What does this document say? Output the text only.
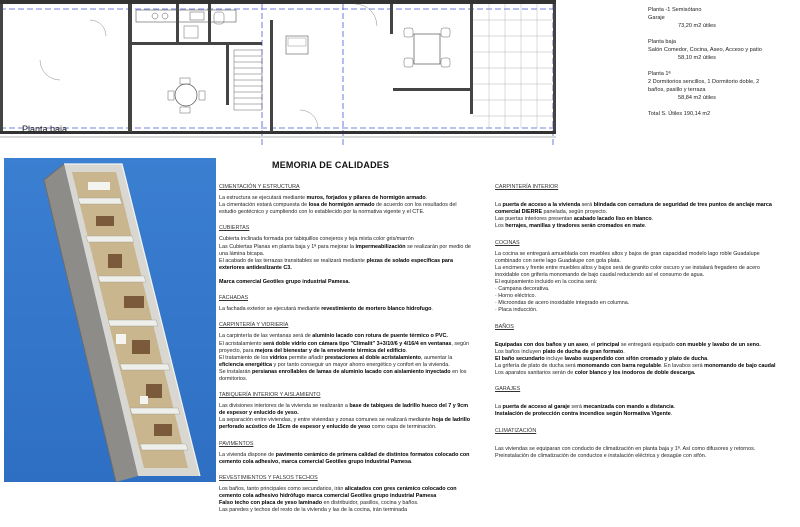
Planta baja
Planta -1 Semisótano
Garaje
73,20 m2 útiles
Planta baja
Salón Comedor, Cocina, Aseo, Acceso y patio
58,10 m2 útiles
Planta 1ª
2 Dormitorios sencillos, 1 Dormitorio doble, 2
baños, pasillo y terraza
58,84 m2 útiles
Total S. Útiles 190,14 m2
MEMORIA DE CALIDADES
CIMENTACIÓN Y ESTRUCTURA

La estructura se ejecutará mediante muros, forjados y pilares de hormigón armado.

La cimentación estará compuesta de losa de hormigón armado de acuerdo con los resultados del estudio geotécnico y cumpliendo con lo establecido por la normativa vigente y el CTE.

CUBIERTAS

Cubierta inclinada formada por tabiquillos conejeros y teja mixta color gris/marrón

Las Cubiertas Planas en planta baja y 1ª para mejorar la impermeabilización se realizarán por medio de una lámina bicapa.

El acabado de las terrazas transitables se realizará mediante plezas de solado específicas para exteriores antideslizante C3.

Marca comercial Geotiles grupo industrial Pamesa.

FACHADAS

La fachada exterior se ejecutará mediante revestimiento de mortero blanco hidrofugo.

CARPINTERÍA Y VIDRIERÍA

La carpintería de las ventanas será de aluminio lacado con rotura de puente térmico o PVC.

El acristalamiento será doble vidrio con cámara tipo "Climalit" 3+3/10/6 y 4/16/4 en ventanas, según proyecto, para mejora del bienestar y de la envolvente térmica del edificio.

El tratamiento de los vidrios permite añadir prestaciones al doble acristalamiento, aumentar la eficiencia energética y por tanto conseguir un mayor ahorro energético y confort en la vivienda.

Se instalarán persianas enrollables de lamas de aluminio lacado con aislamiento inyectado en los dormitorios.

TABIQUERÍA INTERIOR Y AISLAMIENTO

Las divisiones interiores de la vivienda se realizarán a base de tabiques de ladrillo hueco del 7 y 9cm de espesor y enlucido de yeso.

La separación entre viviendas, y entre viviendas y zonas comunes se realizará mediante hoja de ladrillo perforado acústico de 15cm de espesor y enlucido de yeso como capa de terminación.

PAVIMENTOS

La vivienda dispone de pavimento cerámico de primera calidad de distintos formatos colocado con cemento cola adhesivo, marca comercial Geotiles grupo industrial Pamesa.

REVESTIMIENTOS Y FALSOS TECHOS

Los baños, tanto principales como secundarios, irán alicatados con gres cerámico colocado con cemento cola adhesivo hidrófugo marca comercial Geotiles grupo industrial Pamesa

Falso techo con placa de yeso laminado en distribuidor, pasillos, cocina y baños.

Las paredes y techos del resto de la vivienda y las de la cocina, irán terminada

CARPINTERÍA INTERIOR

La puerta de acceso a la vivienda será blindada con cerradura de seguridad de tres puntos de anclaje marca comercial DIERRE panelada, según proyecto.

Las puertas interiores presentan acabado lacado liso en blanco.

Los herrajes, manillas y tiradores serán cromados en mate.

COCINAS

La cocina se entregará amueblada con muebles altos y bajos de gran capacidad modelo lago roble Guadalupe combinado con serie lago Guadalupe con gola plata.

La encimera y frente entre muebles altos y bajos será de granito color oscuro y se instalará fregadero de acero inoxidable con grifería monomando de bajo caudal reduciendo así el consumo de agua.

El equipamiento incluido en la cocina será:

· Campana decorativa.

· Horno eléctrico.

· Microondas de acero inoxidable integrado en columna.

· Placa inducción.

BAÑOS

Equipadas con dos baños y un aseo, el principal se entregará equipado con mueble y lavabo de un seno.

Los baños incluyen plato de ducha de gran formato.

El baño secundario incluye lavabo suspendido con sifón cromado y plato de ducha.

La grifería de plato de ducha será monomando con barra regulable. En lavabos será monomando de bajo caudal

Los aparatos sanitarios serán de color blanco y los inodoros de doble descarga.

GARAJES

La puerta de acceso al garaje será mecanizada con mando a distancia.

Instalación de protección contra incendios según Normativa Vigente.

CLIMATIZACIÓN

Las viviendas se equiparan con conducto de climatización en planta baja y 1ª. Así como difusores y retornos.

Preinstalación de climatización de conductos e instalación eléctrica y desagüe con sifón.
